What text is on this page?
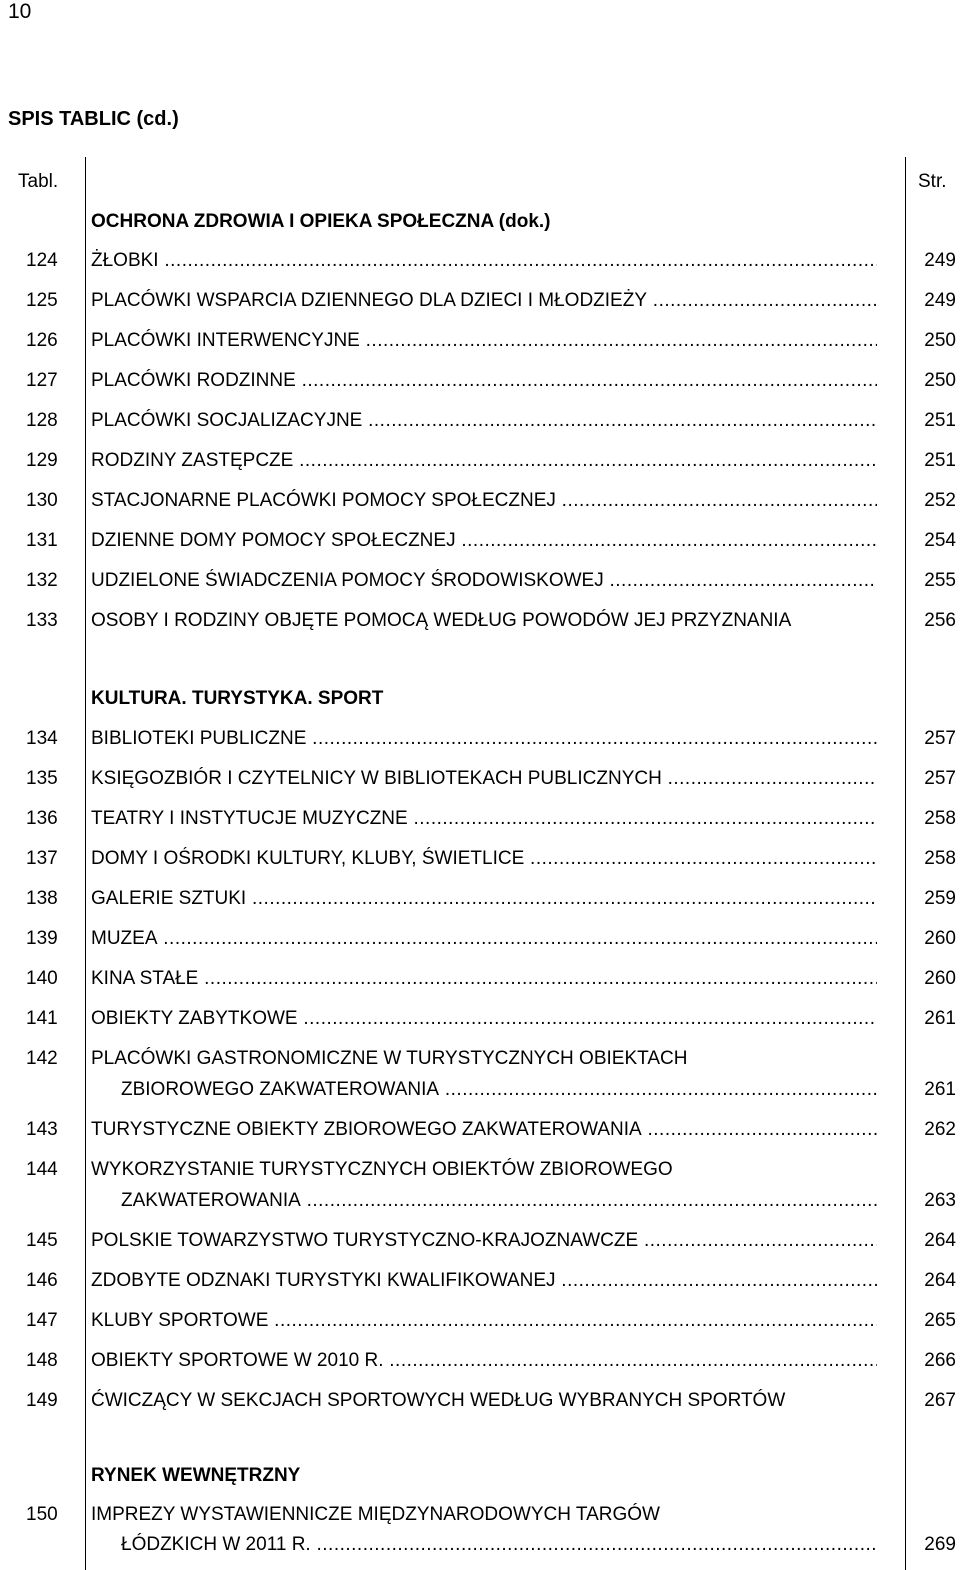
10
SPIS TABLIC (cd.)
Tabl.	Str.
OCHRONA ZDROWIA I OPIEKA SPOŁECZNA (dok.)
KULTURA. TURYSTYKA. SPORT
RYNEK WEWNĘTRZNY
124 ŻŁOBKI .....	249
125 PLACÓWKI WSPARCIA DZIENNEGO DLA DZIECI I MŁODZIEŻY .....	249
126 PLACÓWKI INTERWENCYJNE .....	250
127 PLACÓWKI RODZINNE .....	250
128 PLACÓWKI SOCJALIZACYJNE .....	251
129 RODZINY ZASTĘPCZE .....	251
130 STACJONARNE PLACÓWKI POMOCY SPOŁECZNEJ .....	252
131 DZIENNE DOMY POMOCY SPOŁECZNEJ .....	254
132 UDZIELONE ŚWIADCZENIA POMOCY ŚRODOWISKOWEJ .....	255
133 OSOBY I RODZINY OBJĘTE POMOCĄ WEDŁUG POWODÓW JEJ PRZYZNANIA	256
134 BIBLIOTEKI PUBLICZNE .....	257
135 KSIĘGOZBIÓR I CZYTELNICY W BIBLIOTEKACH PUBLICZNYCH .....	257
136 TEATRY I INSTYTUCJE MUZYCZNE .....	258
137 DOMY I OŚRODKI KULTURY, KLUBY, ŚWIETLICE .....	258
138 GALERIE SZTUKI .....	259
139 MUZEA .....	260
140 KINA STAŁE .....	260
141 OBIEKTY ZABYTKOWE .....	261
142 PLACÓWKI GASTRONOMICZNE W TURYSTYCZNYCH OBIEKTACH
ZBIOROWEGO ZAKWATEROWANIA .....	261
143 TURYSTYCZNE OBIEKTY ZBIOROWEGO ZAKWATEROWANIA .....	262
144 WYKORZYSTANIE TURYSTYCZNYCH OBIEKTÓW ZBIOROWEGO
ZAKWATEROWANIA .....	263
145 POLSKIE TOWARZYSTWO TURYSTYCZNO-KRAJOZNAWCZE .....	264
146 ZDOBYTE ODZNAKI TURYSTYKI KWALIFIKOWANEJ .....	264
147 KLUBY SPORTOWE .....	265
148 OBIEKTY SPORTOWE W 2010 R. .....	266
149 ĆWICZĄCY W SEKCJACH SPORTOWYCH WEDŁUG WYBRANYCH SPORTÓW	267
150 IMPREZY WYSTAWIENNICZE MIĘDZYNARODOWYCH TARGÓW
ŁÓDZKICH W 2011 R. .....	269
